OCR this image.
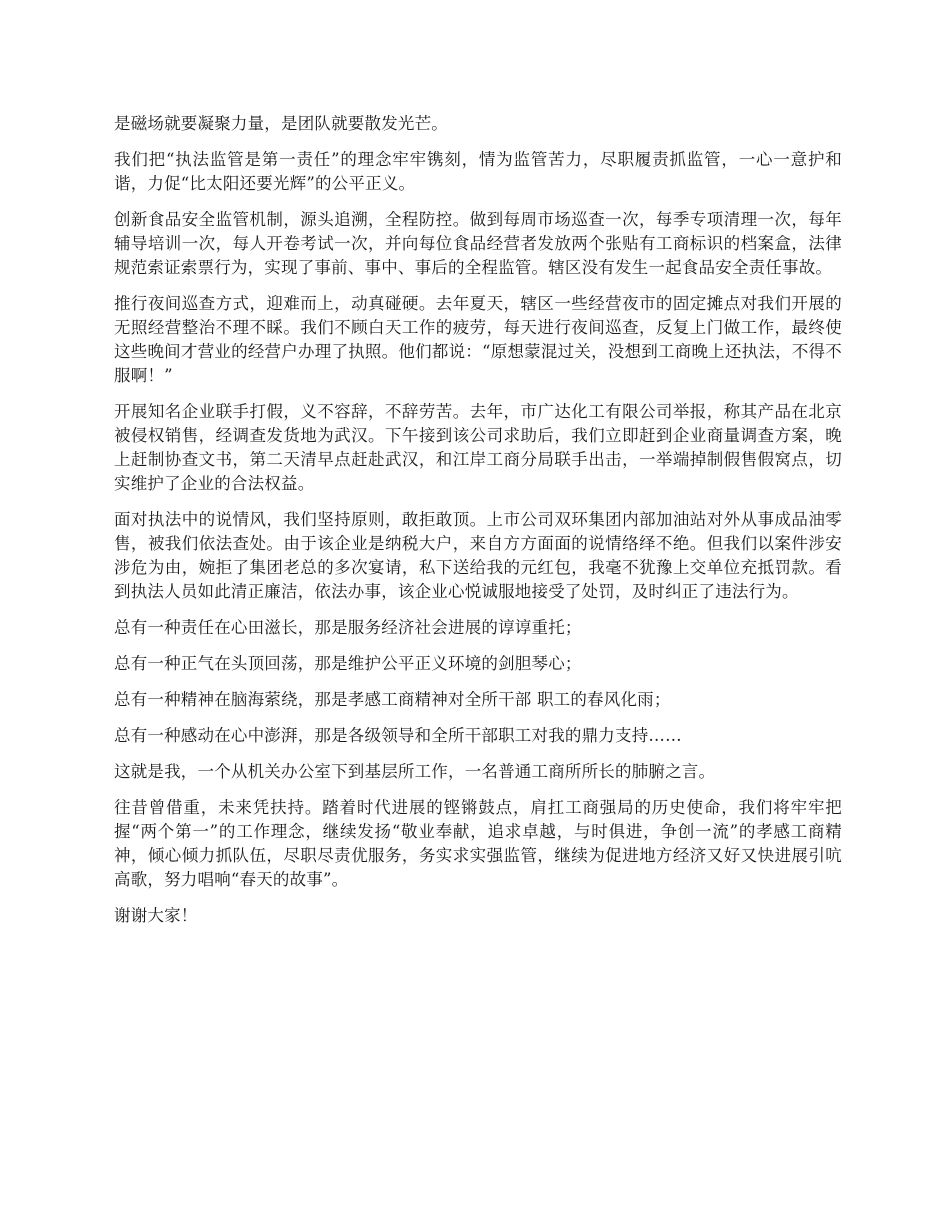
是磁场就要凝聚力量，是团队就要散发光芒。

我们把“执法监管是第一责任”的理念牢牢镌刻，情为监管苦力，尽职履责抓监管，一心一意护和谐，力促“比太阳还要光辉”的公平正义。

创新食品安全监管机制，源头追溯，全程防控。做到每周市场巡查一次，每季专项清理一次，每年辅导培训一次，每人开卷考试一次，并向每位食品经营者发放两个张贴有工商标识的档案盒，法律规范索证索票行为，实现了事前、事中、事后的全程监管。辖区没有发生一起食品安全责任事故。

推行夜间巡查方式，迎难而上，动真碰硬。去年夏天，辖区一些经营夜市的固定摊点对我们开展的无照经营整治不理不睬。我们不顾白天工作的疲劳，每天进行夜间巡查，反复上门做工作，最终使这些晚间才营业的经营户办理了执照。他们都说：“原想蒙混过关，没想到工商晚上还执法，不得不服啊！”

开展知名企业联手打假，义不容辞，不辞劳苦。去年，市广达化工有限公司举报，称其产品在北京被侵权销售，经调查发货地为武汉。下午接到该公司求助后，我们立即赶到企业商量调查方案，晚上赶制协查文书，第二天清早点赶赴武汉，和江岸工商分局联手出击，一举端掉制假售假窝点，切实维护了企业的合法权益。

面对执法中的说情风，我们坚持原则，敢拒敢顶。上市公司双环集团内部加油站对外从事成品油零售，被我们依法查处。由于该企业是纳税大户，来自方方面面的说情络绎不绝。但我们以案件涉安涉危为由，婉拒了集团老总的多次宴请，私下送给我的元红包，我毫不犹豫上交单位充抵罚款。看到执法人员如此清正廉洁，依法办事，该企业心悦诚服地接受了处罚，及时纠正了违法行为。

总有一种责任在心田滋长，那是服务经济社会进展的谆谆重托；

总有一种正气在头顶回荡，那是维护公平正义环境的剑胆琴心；

总有一种精神在脑海萦绕，那是孝感工商精神对全所干部 职工的春风化雨；

总有一种感动在心中澎湃，那是各级领导和全所干部职工对我的鼎力支持……

这就是我，一个从机关办公室下到基层所工作，一名普通工商所所长的肺腑之言。

往昔曾借重，未来凭扶持。踏着时代进展的铿锵鼓点，肩扛工商强局的历史使命，我们将牢牢把握“两个第一”的工作理念，继续发扬“敬业奉献，追求卓越，与时俱进，争创一流”的孝感工商精神，倾心倾力抓队伍，尽职尽责优服务，务实求实强监管，继续为促进地方经济又好又快进展引吭高歌，努力唱响“春天的故事”。

谢谢大家！
